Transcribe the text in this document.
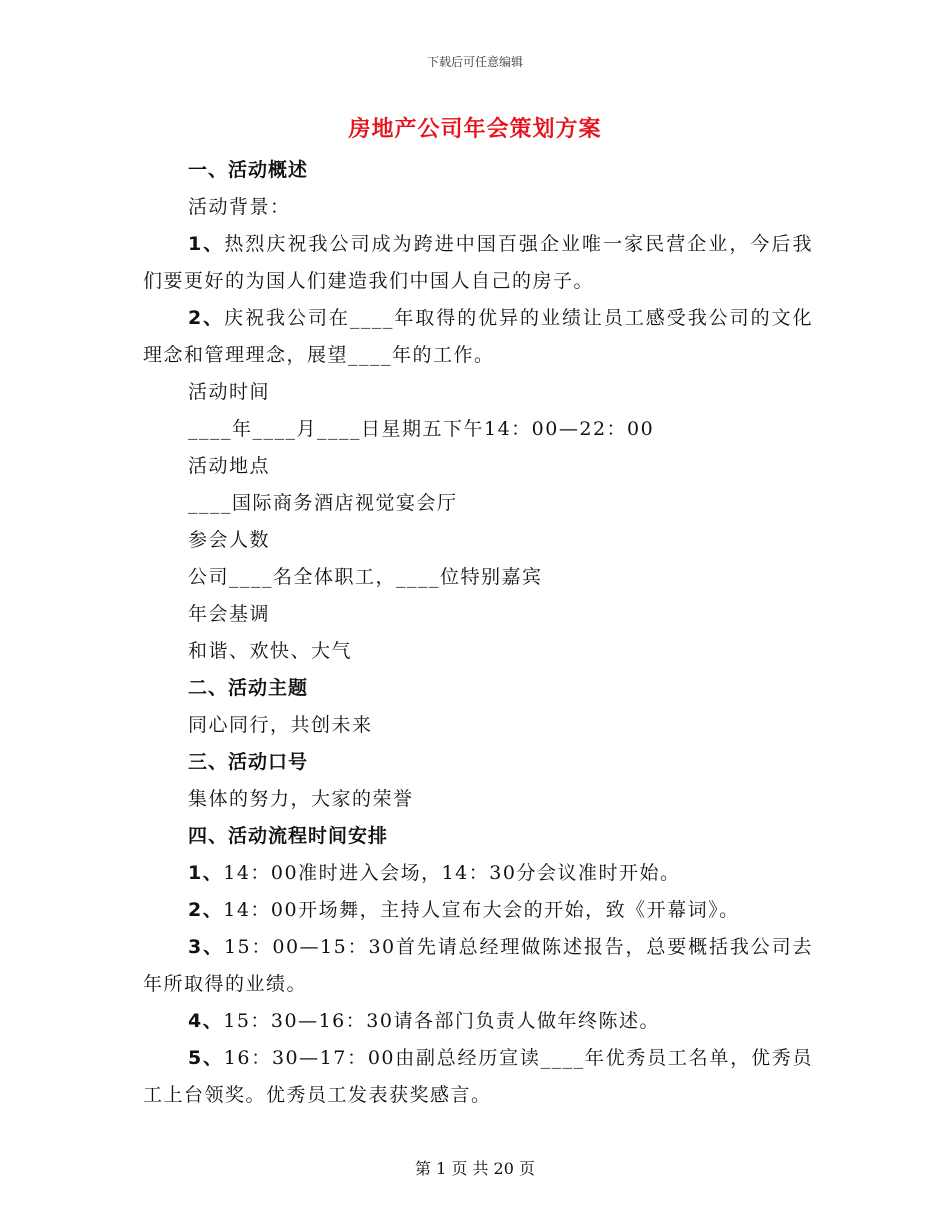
下载后可任意编辑
房地产公司年会策划方案
一、活动概述
活动背景：
1、热烈庆祝我公司成为跨进中国百强企业唯一家民营企业，今后我们要更好的为国人们建造我们中国人自己的房子。
2、庆祝我公司在____年取得的优异的业绩让员工感受我公司的文化理念和管理理念，展望____年的工作。
活动时间
____年____月____日星期五下午14：00—22：00
活动地点
____国际商务酒店视觉宴会厅
参会人数
公司____名全体职工，____位特别嘉宾
年会基调
和谐、欢快、大气
二、活动主题
同心同行，共创未来
三、活动口号
集体的努力，大家的荣誉
四、活动流程时间安排
1、14：00准时进入会场，14：30分会议准时开始。
2、14：00开场舞，主持人宣布大会的开始，致《开幕词》。
3、15：00—15：30首先请总经理做陈述报告，总要概括我公司去年所取得的业绩。
4、15：30—16：30请各部门负责人做年终陈述。
5、16：30—17：00由副总经历宣读____年优秀员工名单，优秀员工上台领奖。优秀员工发表获奖感言。
第 1 页 共 20 页
